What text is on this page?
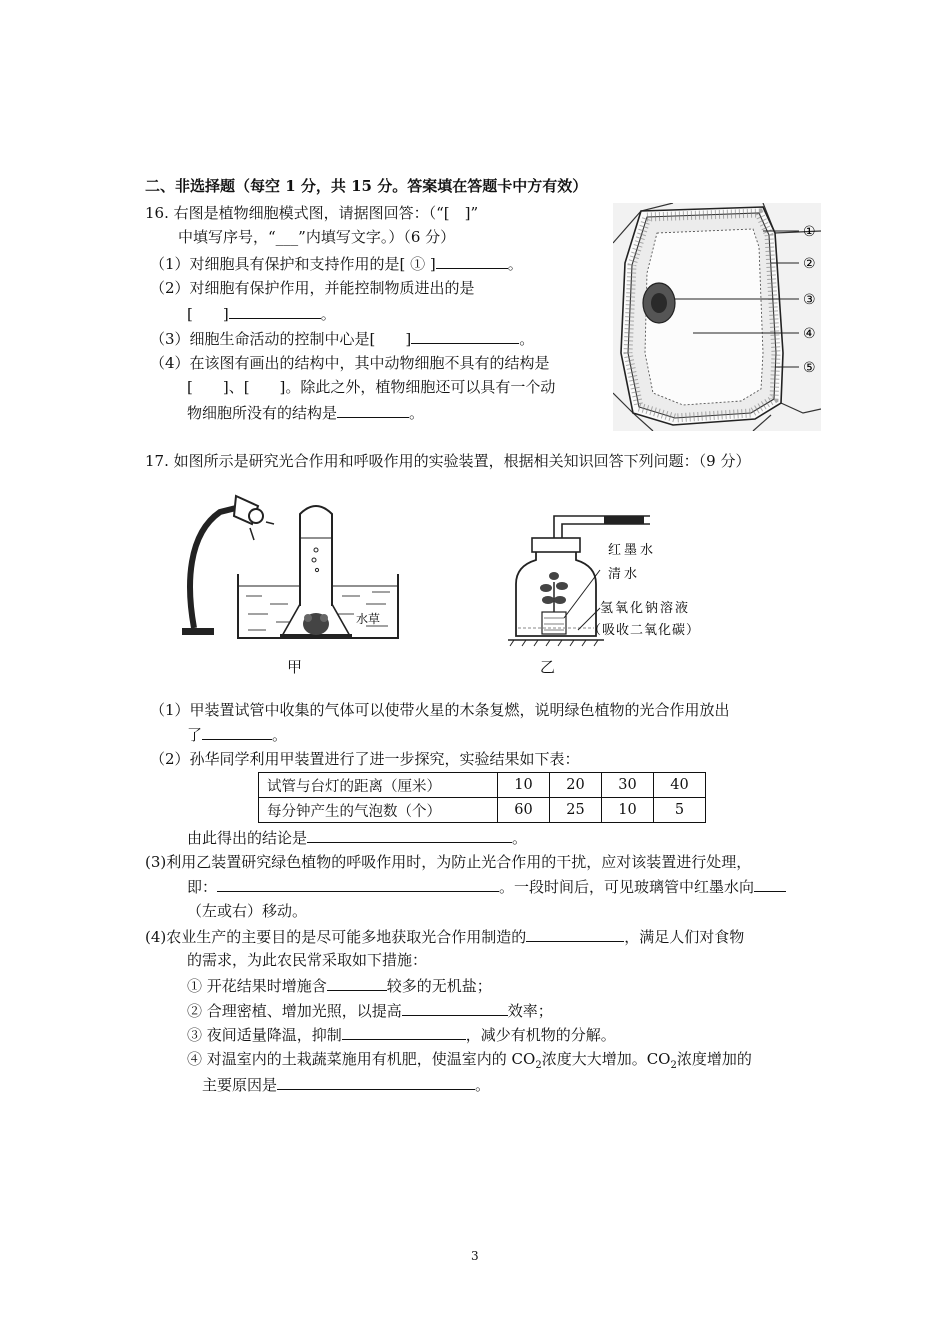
二、非选择题（每空 1 分，共 15 分。答案填在答题卡中方有效）
16. 右图是植物细胞模式图，请据图回答：（“[　]”
中填写序号，“___”内填写文字。）（6 分）
（1）对细胞具有保护和支持作用的是[ ① ]	。
（2）对细胞有保护作用，并能控制物质进出的是
[　　]	。
（3）细胞生命活动的控制中心是[　　]	。
（4）在该图有画出的结构中，其中动物细胞不具有的结构是
[　　]、[　　]。除此之外，植物细胞还可以具有一个动
物细胞所没有的结构是	。
①
②
③
④
⑤
17. 如图所示是研究光合作用和呼吸作用的实验装置，根据相关知识回答下列问题：（9 分）
水草
甲
红墨水
清水
氢氧化钠溶液
（吸收二氧化碳）
乙
（1）甲装置试管中收集的气体可以使带火星的木条复燃，说明绿色植物的光合作用放出
了	。
（2）孙华同学利用甲装置进行了进一步探究，实验结果如下表：
试管与台灯的距离（厘米）	10	20	30	40
每分钟产生的气泡数（个）	60	25	10	5
由此得出的结论是	。
(3)利用乙装置研究绿色植物的呼吸作用时，为防止光合作用的干扰，应对该装置进行处理，
即：	。一段时间后，可见玻璃管中红墨水向
（左或右）移动。
(4)农业生产的主要目的是尽可能多地获取光合作用制造的	，满足人们对食物
的需求，为此农民常采取如下措施：
① 开花结果时增施含	较多的无机盐；
② 合理密植、增加光照，以提高	效率；
③ 夜间适量降温，抑制	，减少有机物的分解。
④ 对温室内的土栽蔬菜施用有机肥，使温室内的 $CO_2$浓度大大增加。$CO_2$浓度增加的
主要原因是	。
3
